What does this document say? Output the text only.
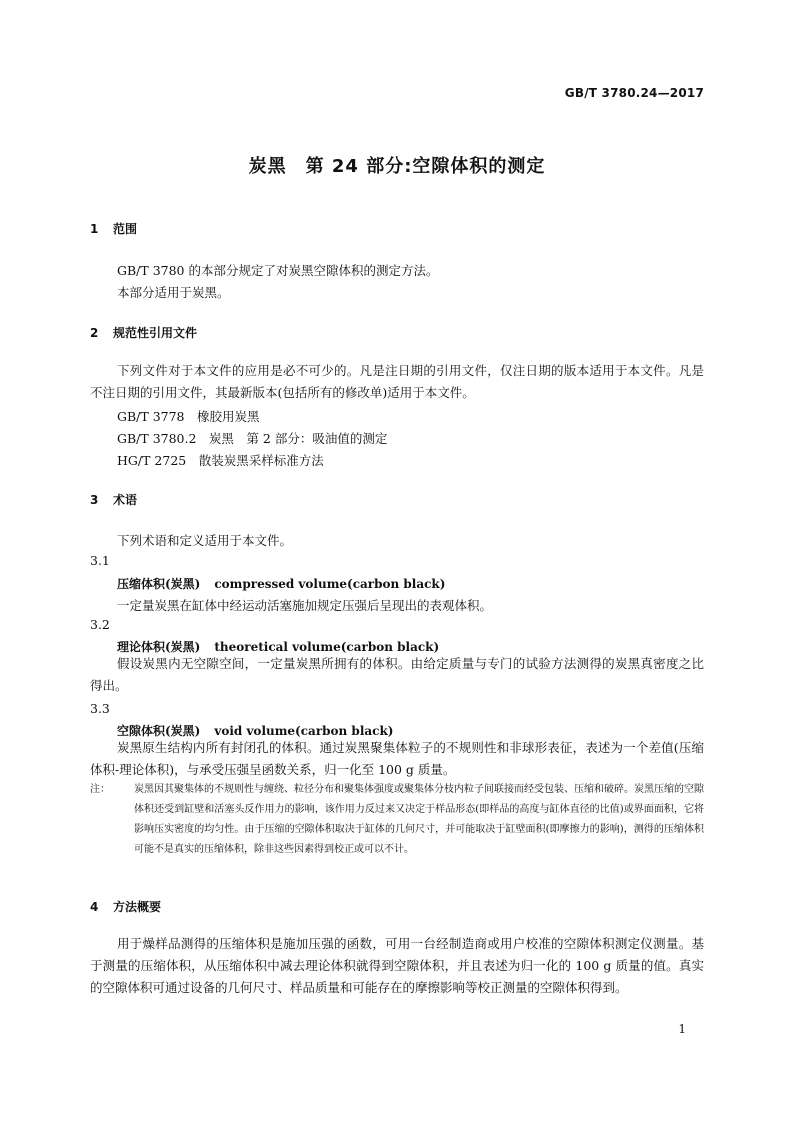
GB/T 3780.24—2017
炭黑　第 24 部分:空隙体积的测定
1 范围
GB/T 3780 的本部分规定了对炭黑空隙体积的测定方法。
本部分适用于炭黑。
2 规范性引用文件
下列文件对于本文件的应用是必不可少的。凡是注日期的引用文件，仅注日期的版本适用于本文件。凡是不注日期的引用文件，其最新版本(包括所有的修改单)适用于本文件。
GB/T 3778　橡胶用炭黑
GB/T 3780.2　炭黑　第 2 部分：吸油值的测定
HG/T 2725　散装炭黑采样标准方法
3 术语
下列术语和定义适用于本文件。
3.1
压缩体积(炭黑) compressed volume(carbon black)
一定量炭黑在缸体中经运动活塞施加规定压强后呈现出的表观体积。
3.2
理论体积(炭黑) theoretical volume(carbon black)
假设炭黑内无空隙空间，一定量炭黑所拥有的体积。由给定质量与专门的试验方法测得的炭黑真密度之比得出。
3.3
空隙体积(炭黑) void volume(carbon black)
炭黑原生结构内所有封闭孔的体积。通过炭黑聚集体粒子的不规则性和非球形表征，表述为一个差值(压缩体积-理论体积)，与承受压强呈函数关系，归一化至 100 g 质量。
注： 炭黑因其聚集体的不规则性与缠绕、粒径分布和聚集体强度或聚集体分枝内粒子间联接而经受包装、压缩和破碎。炭黑压缩的空隙体积还受到缸壁和活塞头反作用力的影响，该作用力反过来又决定于样品形态(即样品的高度与缸体直径的比值)或界面面积，它将影响压实密度的均匀性。由于压缩的空隙体积取决于缸体的几何尺寸，并可能取决于缸壁面积(即摩擦力的影响)，测得的压缩体积可能不是真实的压缩体积，除非这些因素得到校正或可以不计。
4 方法概要
用于燥样品测得的压缩体积是施加压强的函数，可用一台经制造商或用户校准的空隙体积测定仪测量。基于测量的压缩体积，从压缩体积中减去理论体积就得到空隙体积，并且表述为归一化的 100 g 质量的值。真实的空隙体积可通过设备的几何尺寸、样品质量和可能存在的摩擦影响等校正测量的空隙体积得到。
1
